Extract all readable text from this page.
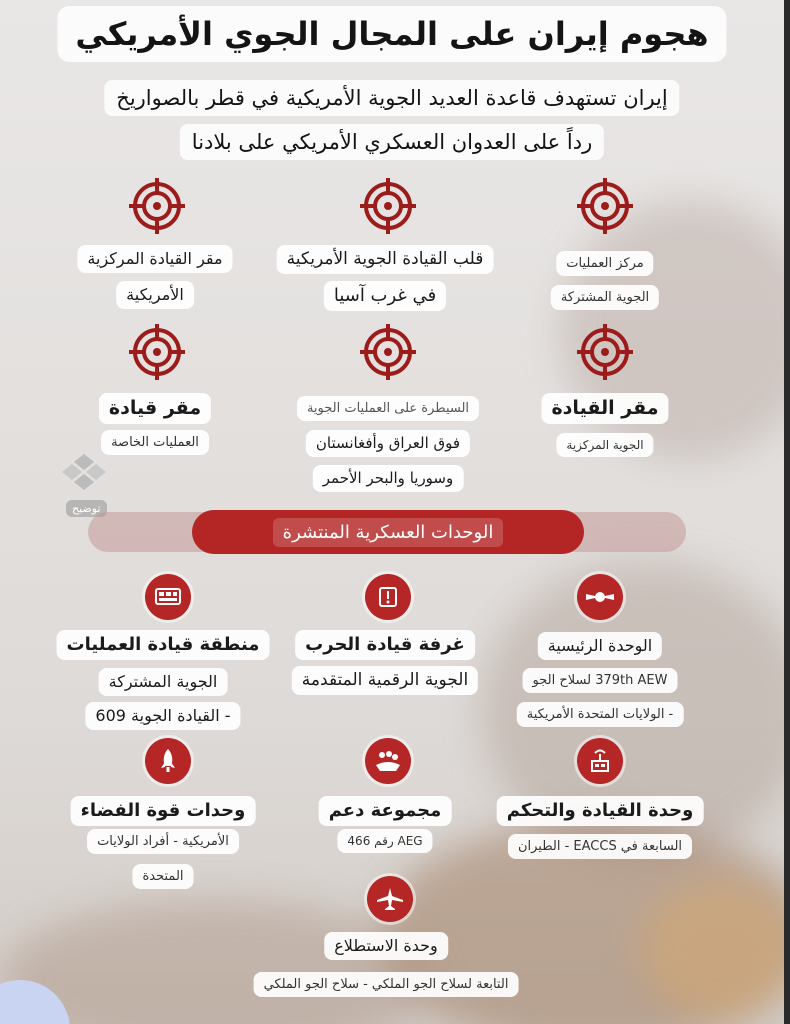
هجوم إيران على المجال الجوي الأمريكي
إيران تستهدف قاعدة العديد الجوية الأمريكية في قطر بالصواريخ
رداً على العدوان العسكري الأمريكي على بلادنا
مقر القيادة المركزية
الأمريكية
قلب القيادة الجوية الأمريكية
في غرب آسيا
مركز العمليات
الجوية المشتركة
مقر قيادة
العمليات الخاصة
السيطرة على العمليات الجوية
فوق العراق وأفغانستان
وسوريا والبحر الأحمر
مقر القيادة
الجوية المركزية
توضيح
الوحدات العسكرية المنتشرة
منطقة قيادة العمليات
الجوية المشتركة
- القيادة الجوية 609
غرفة قيادة الحرب
الجوية الرقمية المتقدمة
الوحدة الرئيسية
379th AEW لسلاح الجو
- الولايات المتحدة الأمريكية
وحدات قوة الفضاء
الأمريكية - أفراد الولايات
المتحدة
مجموعة دعم
AEG رقم 466
وحدة القيادة والتحكم
السابعة في EACCS - الطيران
وحدة الاستطلاع
التابعة لسلاح الجو الملكي - سلاح الجو الملكي
